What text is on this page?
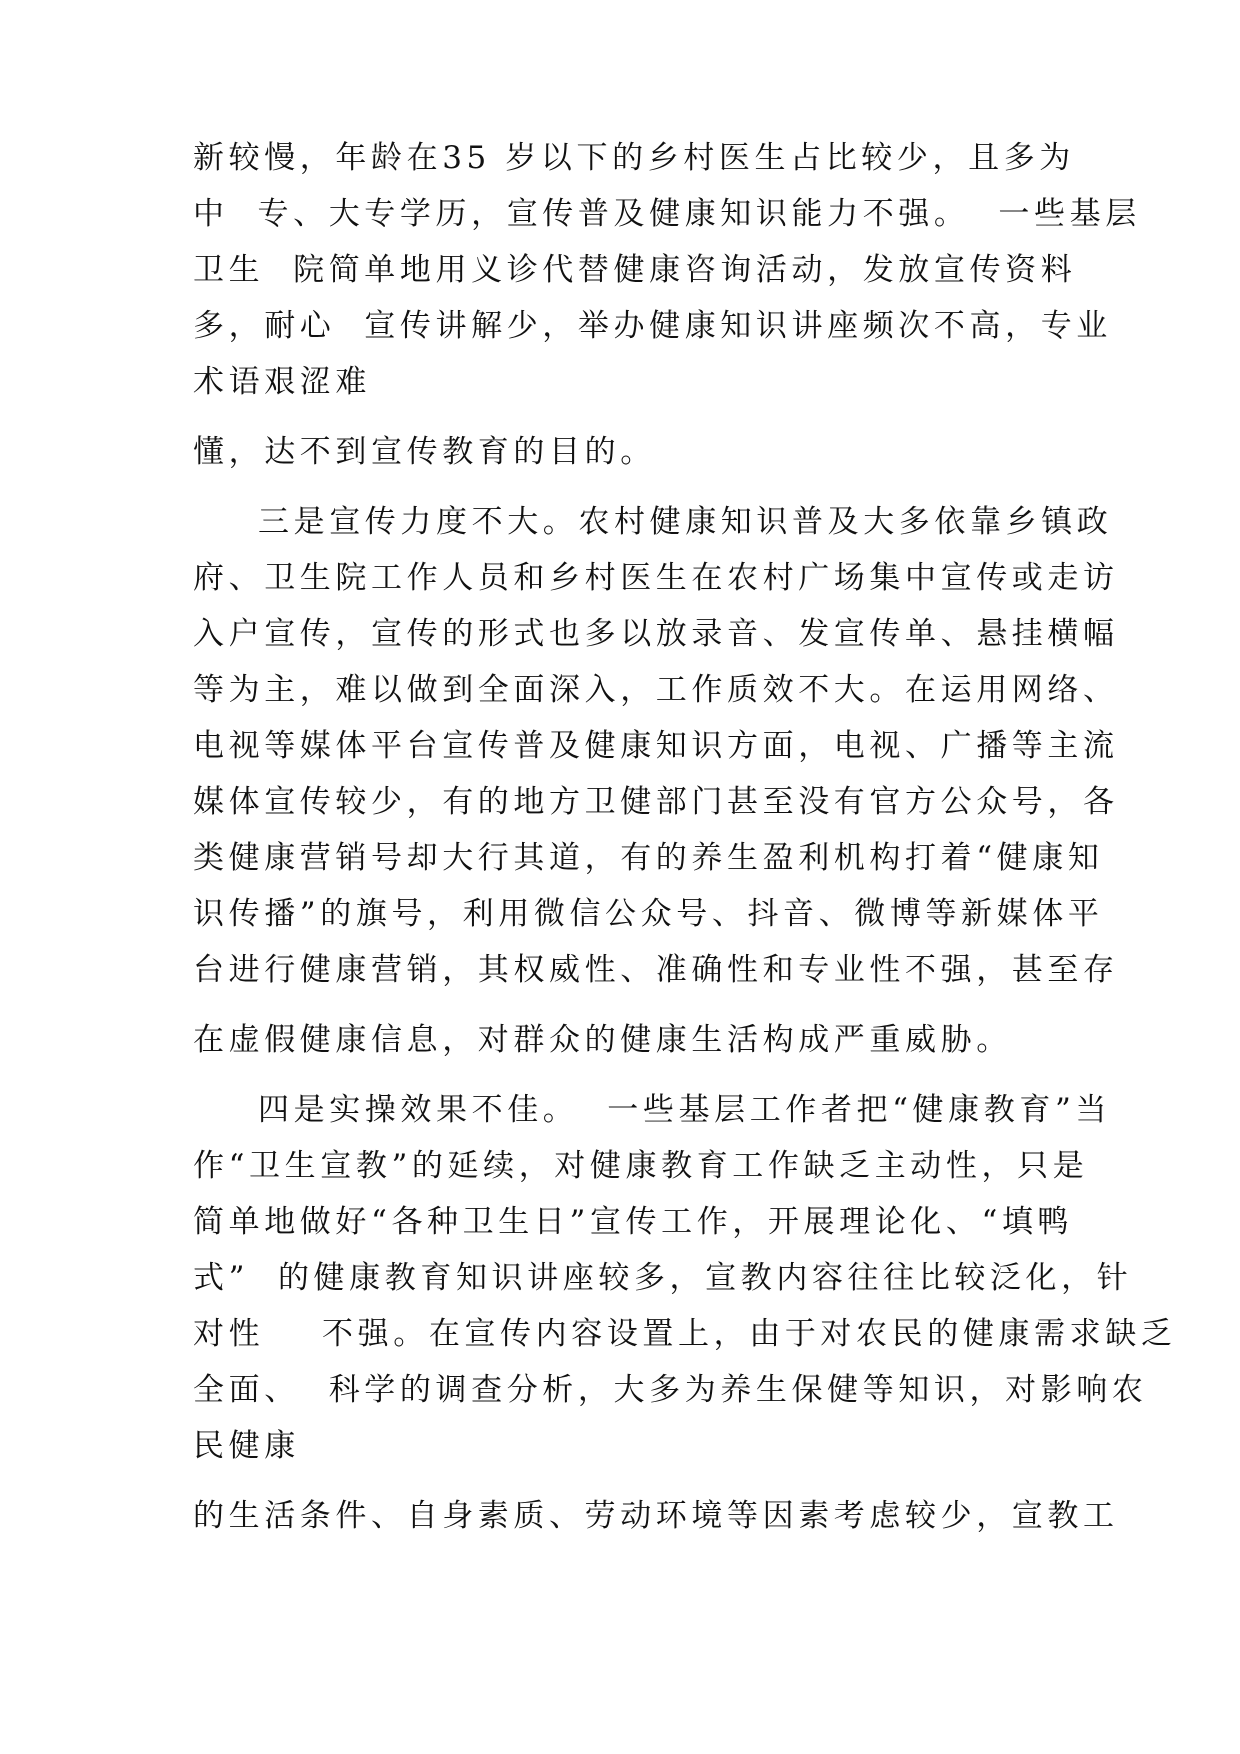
新较慢，年龄在35 岁以下的乡村医生占比较少，且多为
中  专、大专学历，宣传普及健康知识能力不强。  一些基层
卫生  院简单地用义诊代替健康咨询活动，发放宣传资料
多，耐心  宣传讲解少，举办健康知识讲座频次不高，专业
术语艰涩难
懂，达不到宣传教育的目的。
三是宣传力度不大。农村健康知识普及大多依靠乡镇政
府、卫生院工作人员和乡村医生在农村广场集中宣传或走访
入户宣传，宣传的形式也多以放录音、发宣传单、悬挂横幅
等为主，难以做到全面深入，工作质效不大。在运用网络、
电视等媒体平台宣传普及健康知识方面，电视、广播等主流
媒体宣传较少，有的地方卫健部门甚至没有官方公众号，各
类健康营销号却大行其道，有的养生盈利机构打着“健康知
识传播”的旗号，利用微信公众号、抖音、微博等新媒体平
台进行健康营销，其权威性、准确性和专业性不强，甚至存
在虚假健康信息，对群众的健康生活构成严重威胁。
四是实操效果不佳。  一些基层工作者把“健康教育”当
作“卫生宣教”的延续，对健康教育工作缺乏主动性，只是
简单地做好“各种卫生日”宣传工作，开展理论化、“填鸭
式”  的健康教育知识讲座较多，宣教内容往往比较泛化，针
对性    不强。在宣传内容设置上，由于对农民的健康需求缺乏
全面、  科学的调查分析，大多为养生保健等知识，对影响农
民健康
的生活条件、自身素质、劳动环境等因素考虑较少，宣教工
